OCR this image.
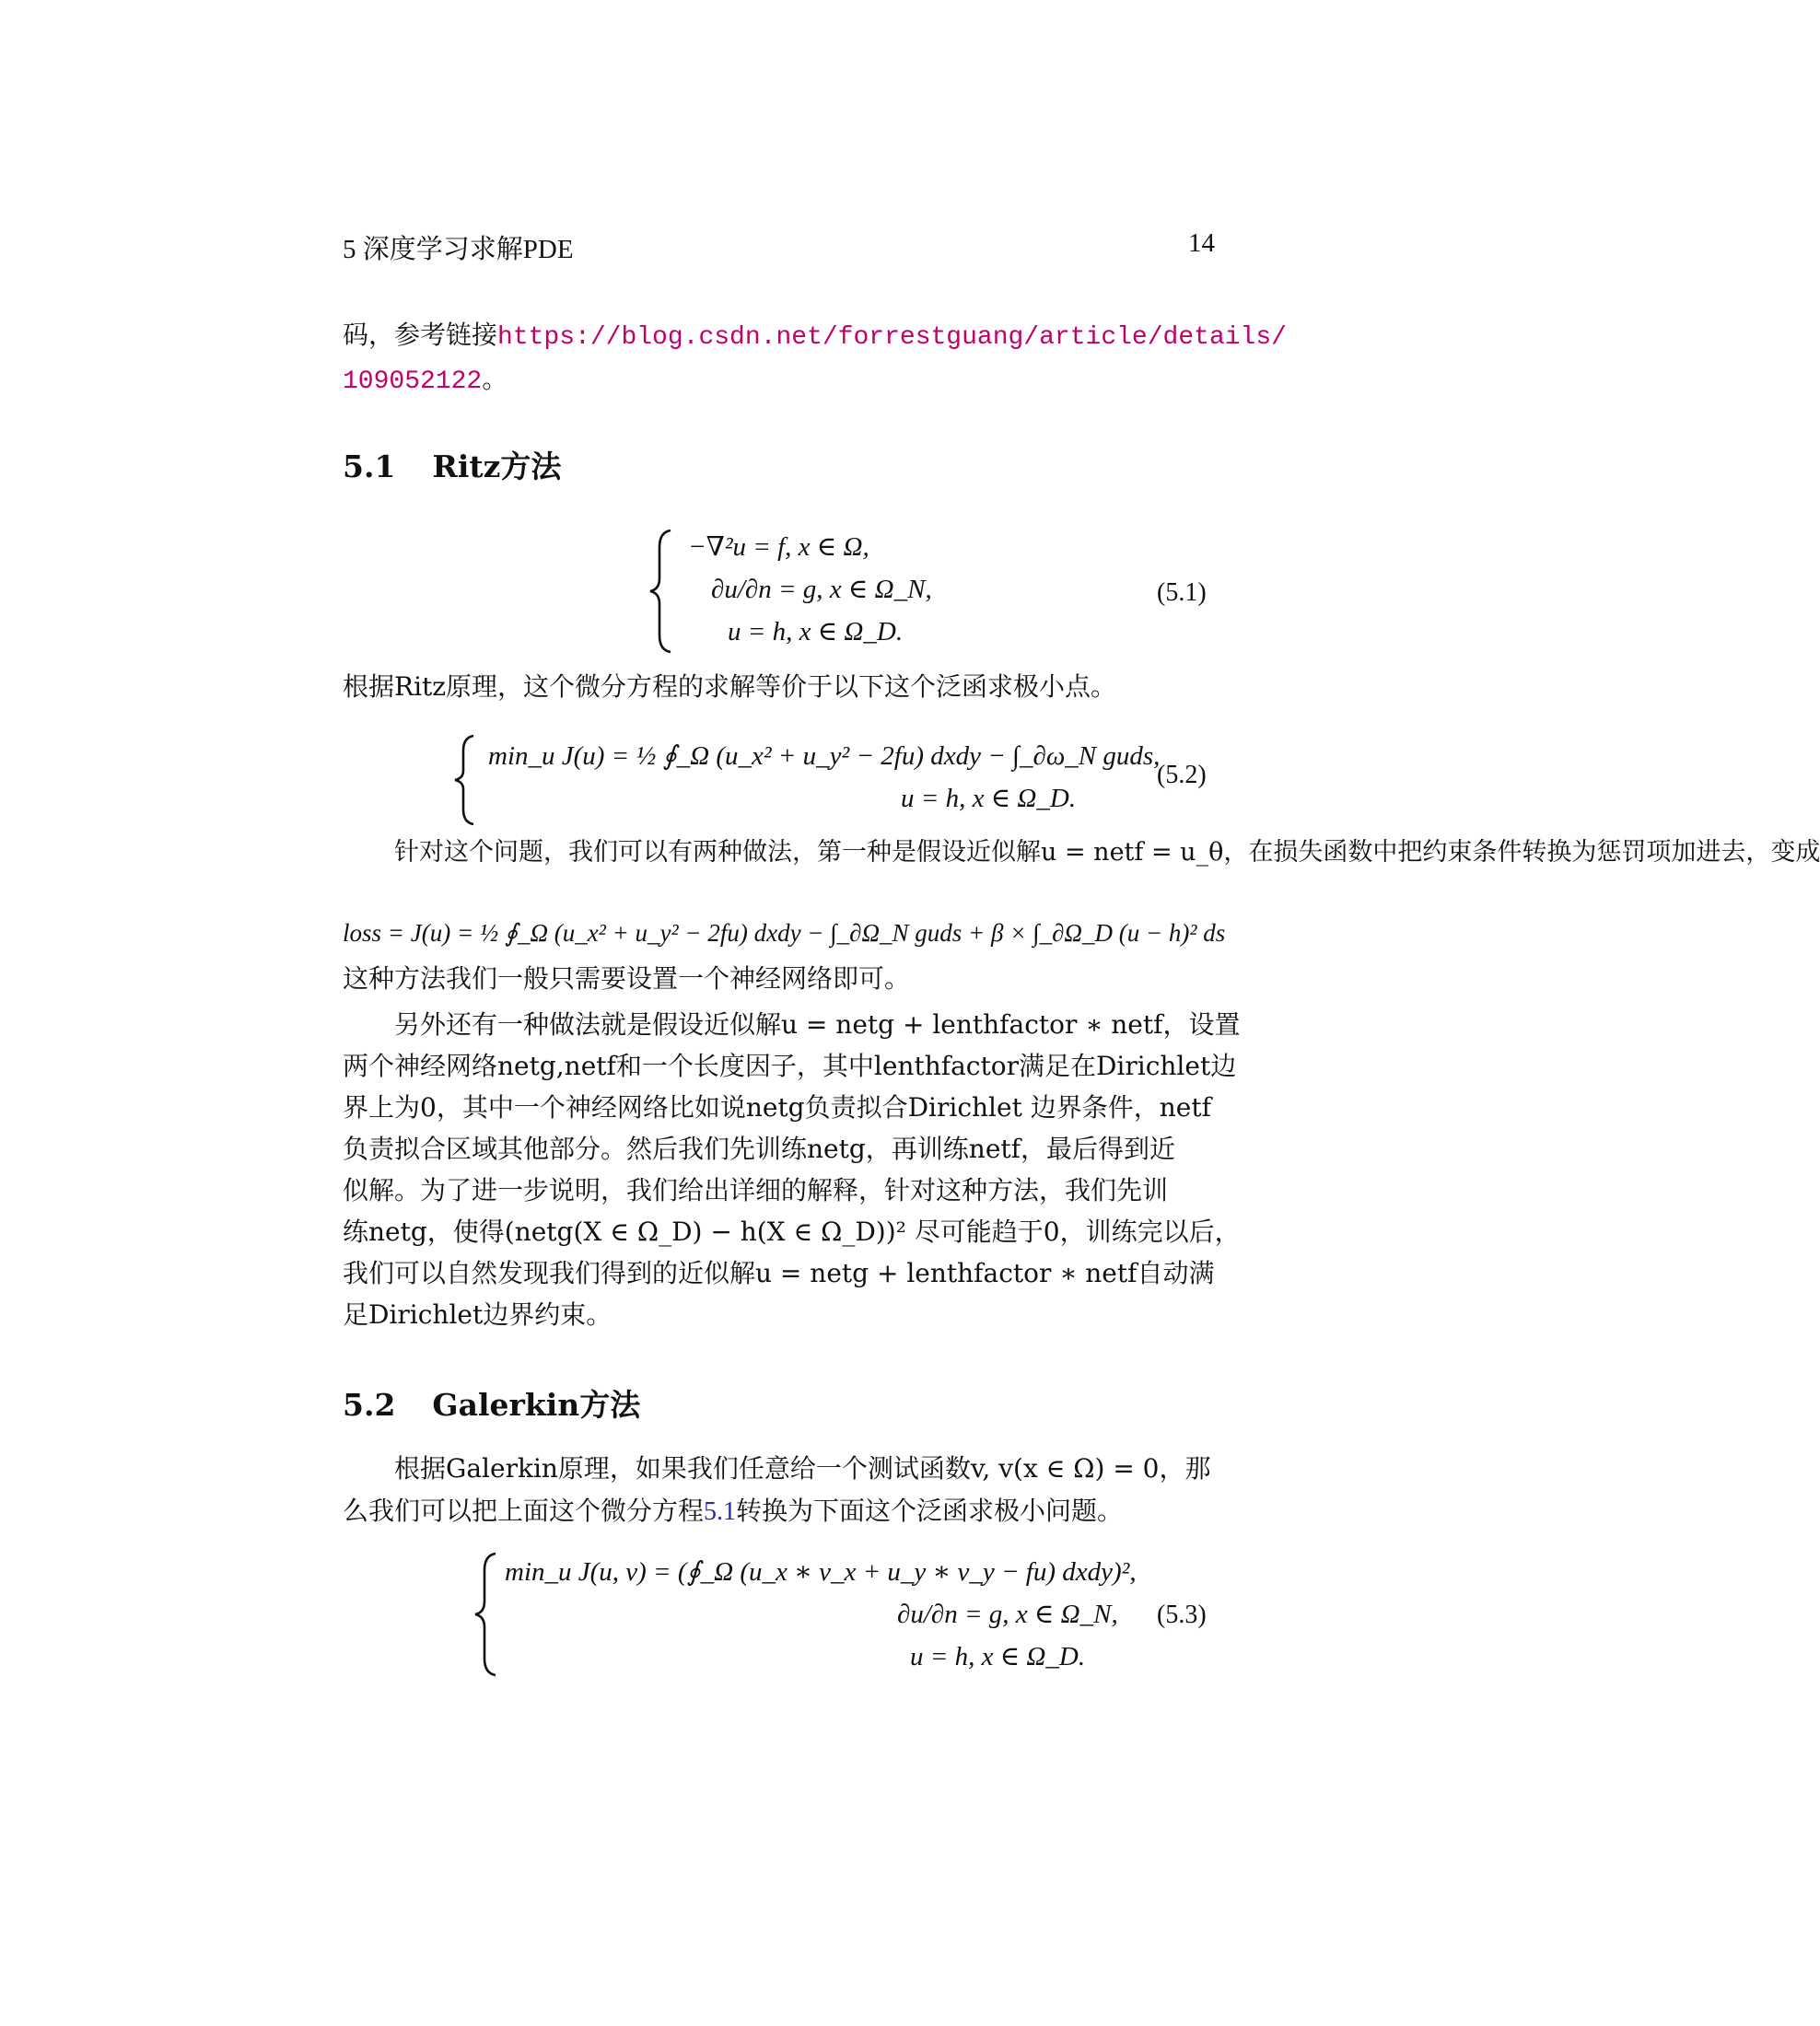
5 深度学习求解PDE	14
码，参考链接https://blog.csdn.net/forrestguang/article/details/
109052122。
5.1 Ritz方法
−∇²u = f, x ∈ Ω,
∂u/∂n = g, x ∈ Ω_N,
u = h, x ∈ Ω_D.
(5.1)
根据Ritz原理，这个微分方程的求解等价于以下这个泛函求极小点。
min_u J(u) = ½ ∮_Ω (u_x² + u_y² − 2fu) dxdy − ∫_∂ω_N guds,
u = h, x ∈ Ω_D.
(5.2)
针对这个问题，我们可以有两种做法，第一种是假设近似解u = netf = u_θ，在损失函数中把约束条件转换为惩罚项加进去，变成
loss = J(u) = ½ ∮_Ω (u_x² + u_y² − 2fu) dxdy − ∫_∂Ω_N guds + β × ∫_∂Ω_D (u − h)² ds
这种方法我们一般只需要设置一个神经网络即可。
另外还有一种做法就是假设近似解u = netg + lenthfactor ∗ netf，设置
两个神经网络netg,netf和一个长度因子，其中lenthfactor满足在Dirichlet边
界上为0，其中一个神经网络比如说netg负责拟合Dirichlet 边界条件，netf
负责拟合区域其他部分。然后我们先训练netg，再训练netf，最后得到近
似解。为了进一步说明，我们给出详细的解释，针对这种方法，我们先训
练netg，使得(netg(X ∈ Ω_D) − h(X ∈ Ω_D))² 尽可能趋于0，训练完以后，
我们可以自然发现我们得到的近似解u = netg + lenthfactor ∗ netf自动满
足Dirichlet边界约束。
5.2 Galerkin方法
根据Galerkin原理，如果我们任意给一个测试函数v, v(x ∈ Ω) = 0，那
么我们可以把上面这个微分方程5.1转换为下面这个泛函求极小问题。
min_u J(u, v) = (∮_Ω (u_x ∗ v_x + u_y ∗ v_y − fu) dxdy)²,
∂u/∂n = g, x ∈ Ω_N,
u = h, x ∈ Ω_D.
(5.3)
